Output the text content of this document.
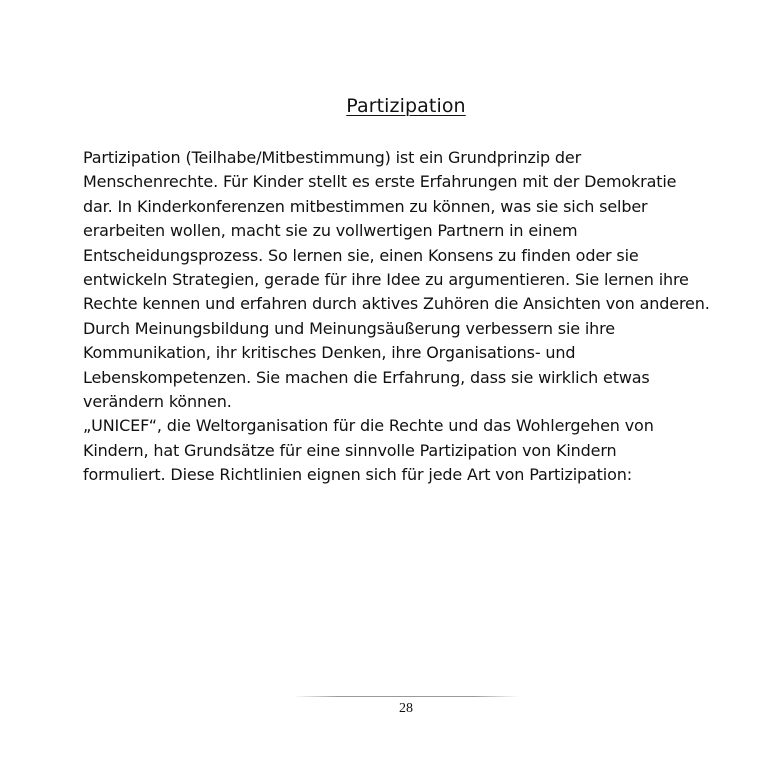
Partizipation

Partizipation (Teilhabe/Mitbestimmung) ist ein Grundprinzip der
Menschenrechte. Für Kinder stellt es erste Erfahrungen mit der Demokratie
dar. In Kinderkonferenzen mitbestimmen zu können, was sie sich selber
erarbeiten wollen, macht sie zu vollwertigen Partnern in einem
Entscheidungsprozess. So lernen sie, einen Konsens zu finden oder sie
entwickeln Strategien, gerade für ihre Idee zu argumentieren. Sie lernen ihre
Rechte kennen und erfahren durch aktives Zuhören die Ansichten von anderen.
Durch Meinungsbildung und Meinungsäußerung verbessern sie ihre
Kommunikation, ihr kritisches Denken, ihre Organisations- und
Lebenskompetenzen. Sie machen die Erfahrung, dass sie wirklich etwas
verändern können.
„UNICEF“, die Weltorganisation für die Rechte und das Wohlergehen von
Kindern, hat Grundsätze für eine sinnvolle Partizipation von Kindern
formuliert. Diese Richtlinien eignen sich für jede Art von Partizipation:

28
